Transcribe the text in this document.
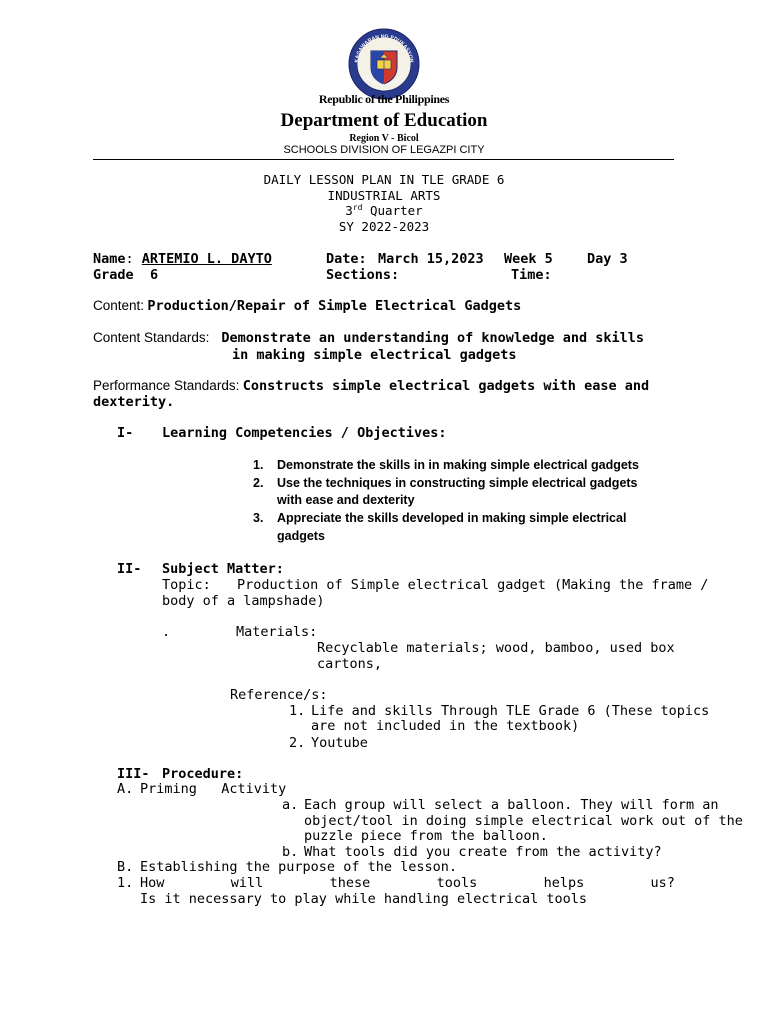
KAGAWARAN NG EDUKASYON
REPUBLIKA NG PILIPINAS
Republic of the Philippines
Department of Education
Region V - Bicol
SCHOOLS DIVISION OF LEGAZPI CITY
DAILY LESSON PLAN IN TLE GRADE 6
INDUSTRIAL ARTS
3rd Quarter
SY 2022-2023
Name: ARTEMIO L. DAYTO	Date: March 15,2023 Week 5	Day 3
Grade 6	Sections:	Time:
Content: Production/Repair of Simple Electrical Gadgets
Content Standards: Demonstrate an understanding of knowledge and skills
in making simple electrical gadgets
Performance Standards: Constructs simple electrical gadgets with ease and
dexterity.
I- Learning Competencies / Objectives:
1. Demonstrate the skills in in making simple electrical gadgets
2. Use the techniques in constructing simple electrical gadgets
with ease and dexterity
3. Appreciate the skills developed in making simple electrical
gadgets
II- Subject Matter:
Topic: Production of Simple electrical gadget (Making the frame /
body of a lampshade)
.	Materials:
Recyclable materials; wood, bamboo, used box
cartons,
Reference/s:
1. Life and skills Through TLE Grade 6 (These topics
are not included in the textbook)
2. Youtube
III- Procedure:
A. Priming   Activity
a. Each group will select a balloon. They will form an
object/tool in doing simple electrical work out of the
puzzle piece from the balloon.
b. What tools did you create from the activity?
B. Establishing the purpose of the lesson.
1. How	will	these	tools	helps	us?
Is it necessary to play while handling electrical tools
